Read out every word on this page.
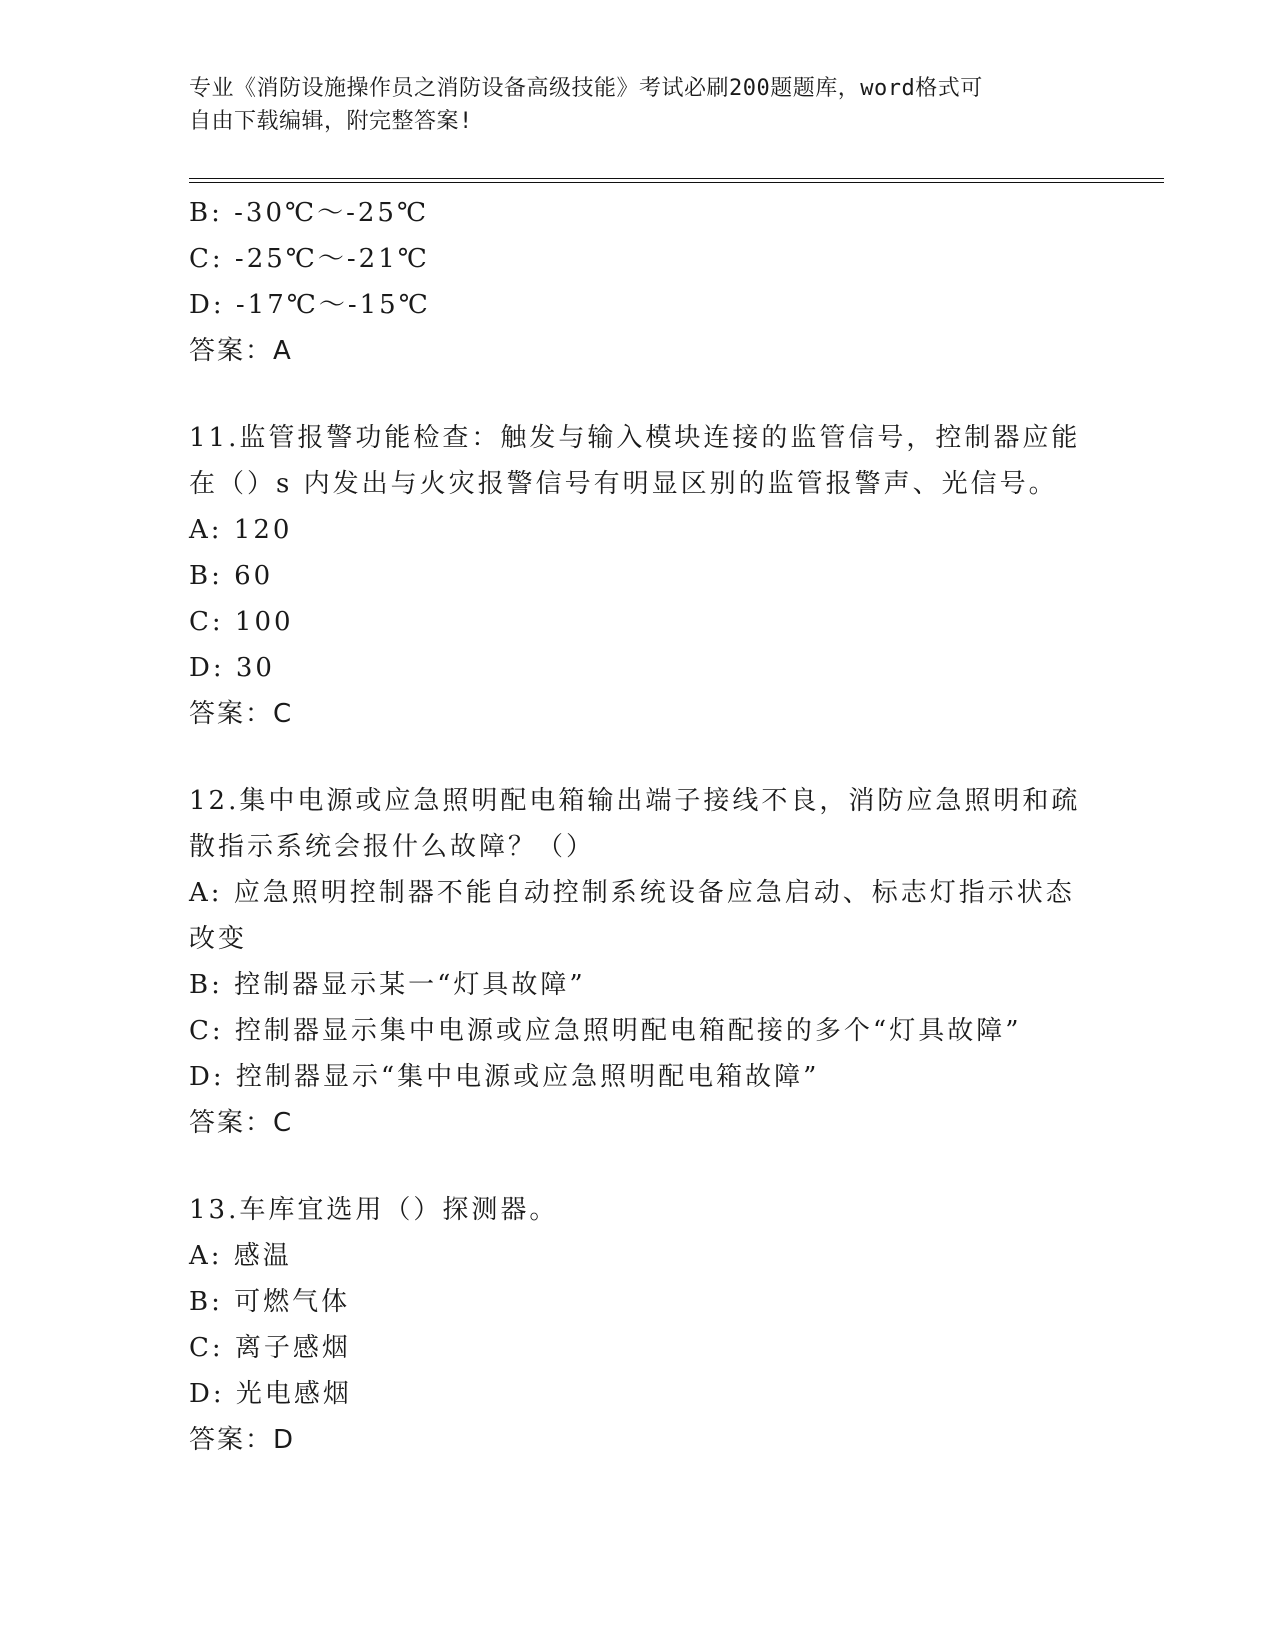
专业《消防设施操作员之消防设备高级技能》考试必刷200题题库，word格式可
自由下载编辑，附完整答案!
B: -30℃～-25℃
C: -25℃～-21℃
D: -17℃～-15℃
答案：A
11.监管报警功能检查：触发与输入模块连接的监管信号，控制器应能
在（）s 内发出与火灾报警信号有明显区别的监管报警声、光信号。
A: 120
B: 60
C: 100
D: 30
答案：C
12.集中电源或应急照明配电箱输出端子接线不良，消防应急照明和疏
散指示系统会报什么故障？（）
A: 应急照明控制器不能自动控制系统设备应急启动、标志灯指示状态
改变
B: 控制器显示某一“灯具故障”
C: 控制器显示集中电源或应急照明配电箱配接的多个“灯具故障”
D: 控制器显示“集中电源或应急照明配电箱故障”
答案：C
13.车库宜选用（）探测器。
A: 感温
B: 可燃气体
C: 离子感烟
D: 光电感烟
答案：D
